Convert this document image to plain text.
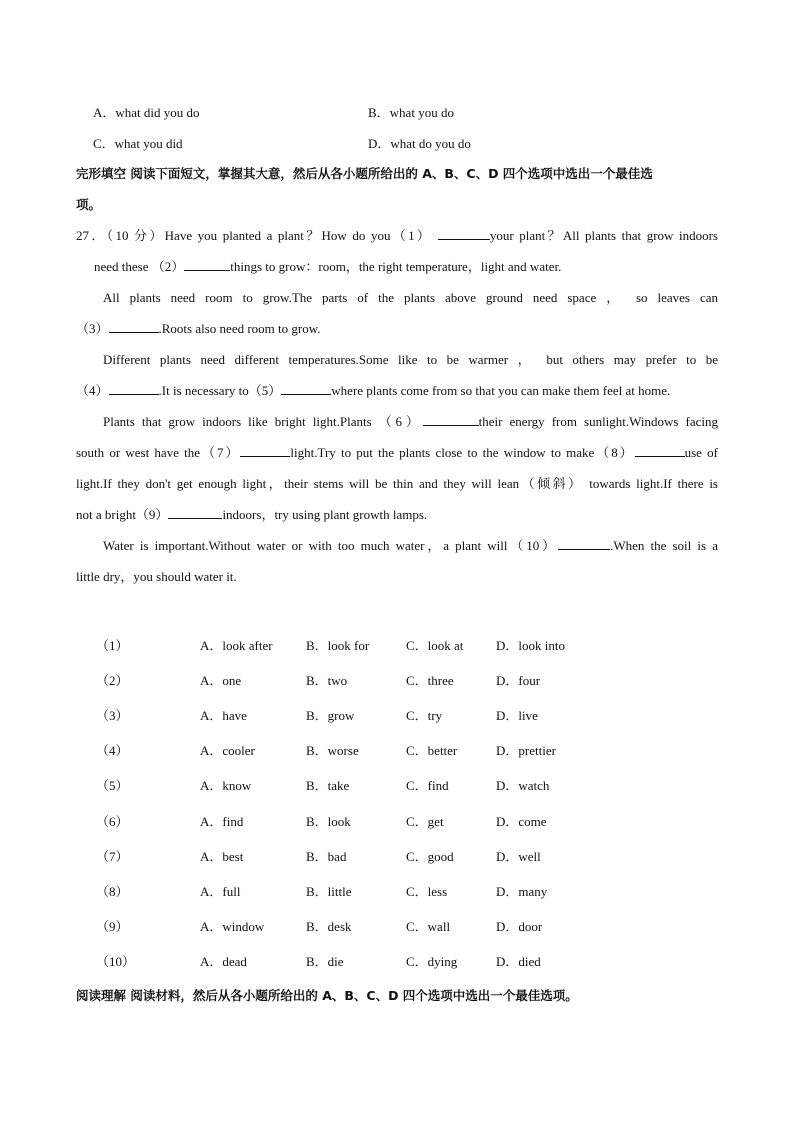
A．what did you do	B．what you do
C．what you did	D．what do you do
完形填空 阅读下面短文，掌握其大意，然后从各小题所给出的 A、B、C、D 四个选项中选出一个最佳选
项。
27．（10 分）Have you planted a plant？How do you（1）	your plant？All plants that grow indoors
need these （2）	things to grow：room，the right temperature，light and water.
All plants need room to grow.The parts of the plants above ground need space ， so leaves can
（3）	.Roots also need room to grow.
Different plants need different temperatures.Some like to be warmer ， but others may prefer to be
（4）	.It is necessary to（5）	where plants come from so that you can make them feel at home.
Plants that grow indoors like bright light.Plants （6）	their energy from sunlight.Windows facing
south or west have the（7）	light.Try to put the plants close to the window to make（8）	use of
light.If they don't get enough light，their stems will be thin and they will lean（倾斜） towards light.If there is
not a bright（9）	indoors，try using plant growth lamps.
Water is important.Without water or with too much water，a plant will（10）	.When the soil is a
little dry，you should water it.
（1）	A．look after	B．look for	C．look at	D．look into
（2）	A．one	B．two	C．three	D．four
（3）	A．have	B．grow	C．try	D．live
（4）	A．cooler	B．worse	C．better	D．prettier
（5）	A．know	B．take	C．find	D．watch
（6）	A．find	B．look	C．get	D．come
（7）	A．best	B．bad	C．good	D．well
（8）	A．full	B．little	C．less	D．many
（9）	A．window	B．desk	C．wall	D．door
（10）	A．dead	B．die	C．dying	D．died
阅读理解 阅读材料，然后从各小题所给出的 A、B、C、D 四个选项中选出一个最佳选项。
